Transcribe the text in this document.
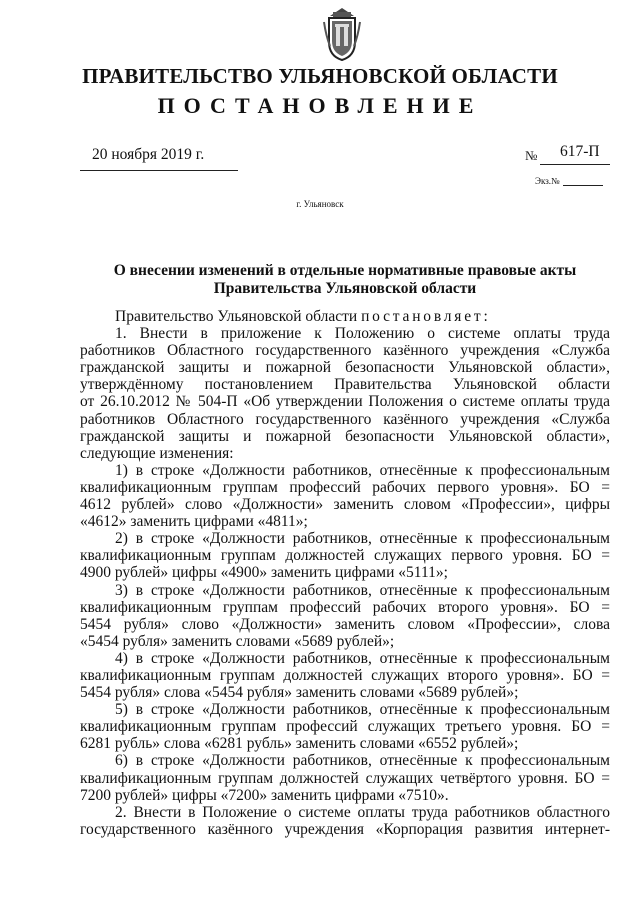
ПРАВИТЕЛЬСТВО УЛЬЯНОВСКОЙ ОБЛАСТИ
ПОСТАНОВЛЕНИЕ
20 ноября 2019 г.	№ 617-П
Экз.№
г. Ульяновск
О внесении изменений в отдельные нормативные правовые акты
Правительства Ульяновской области

Правительство Ульяновской области постановляет:

1. Внести в приложение к Положению о системе оплаты труда

работников Областного государственного казённого учреждения «Служба

гражданской защиты и пожарной безопасности Ульяновской области»,

утверждённому постановлением Правительства Ульяновской области

от 26.10.2012 № 504-П «Об утверждении Положения о системе оплаты труда

работников Областного государственного казённого учреждения «Служба

гражданской защиты и пожарной безопасности Ульяновской области»,

следующие изменения:

1) в строке «Должности работников, отнесённые к профессиональным

квалификационным группам профессий рабочих первого уровня». БО =

4612 рублей» слово «Должности» заменить словом «Профессии», цифры

«4612» заменить цифрами «4811»;

2) в строке «Должности работников, отнесённые к профессиональным

квалификационным группам должностей служащих первого уровня. БО =

4900 рублей» цифры «4900» заменить цифрами «5111»;

3) в строке «Должности работников, отнесённые к профессиональным

квалификационным группам профессий рабочих второго уровня». БО =

5454 рубля» слово «Должности» заменить словом «Профессии», слова

«5454 рубля» заменить словами «5689 рублей»;

4) в строке «Должности работников, отнесённые к профессиональным

квалификационным группам должностей служащих второго уровня». БО =

5454 рубля» слова «5454 рубля» заменить словами «5689 рублей»;

5) в строке «Должности работников, отнесённые к профессиональным

квалификационным группам профессий служащих третьего уровня. БО =

6281 рубль» слова «6281 рубль» заменить словами «6552 рублей»;

6) в строке «Должности работников, отнесённые к профессиональным

квалификационным группам должностей служащих четвёртого уровня. БО =

7200 рублей» цифры «7200» заменить цифрами «7510».

2. Внести в Положение о системе оплаты труда работников областного

государственного казённого учреждения «Корпорация развития интернет-
